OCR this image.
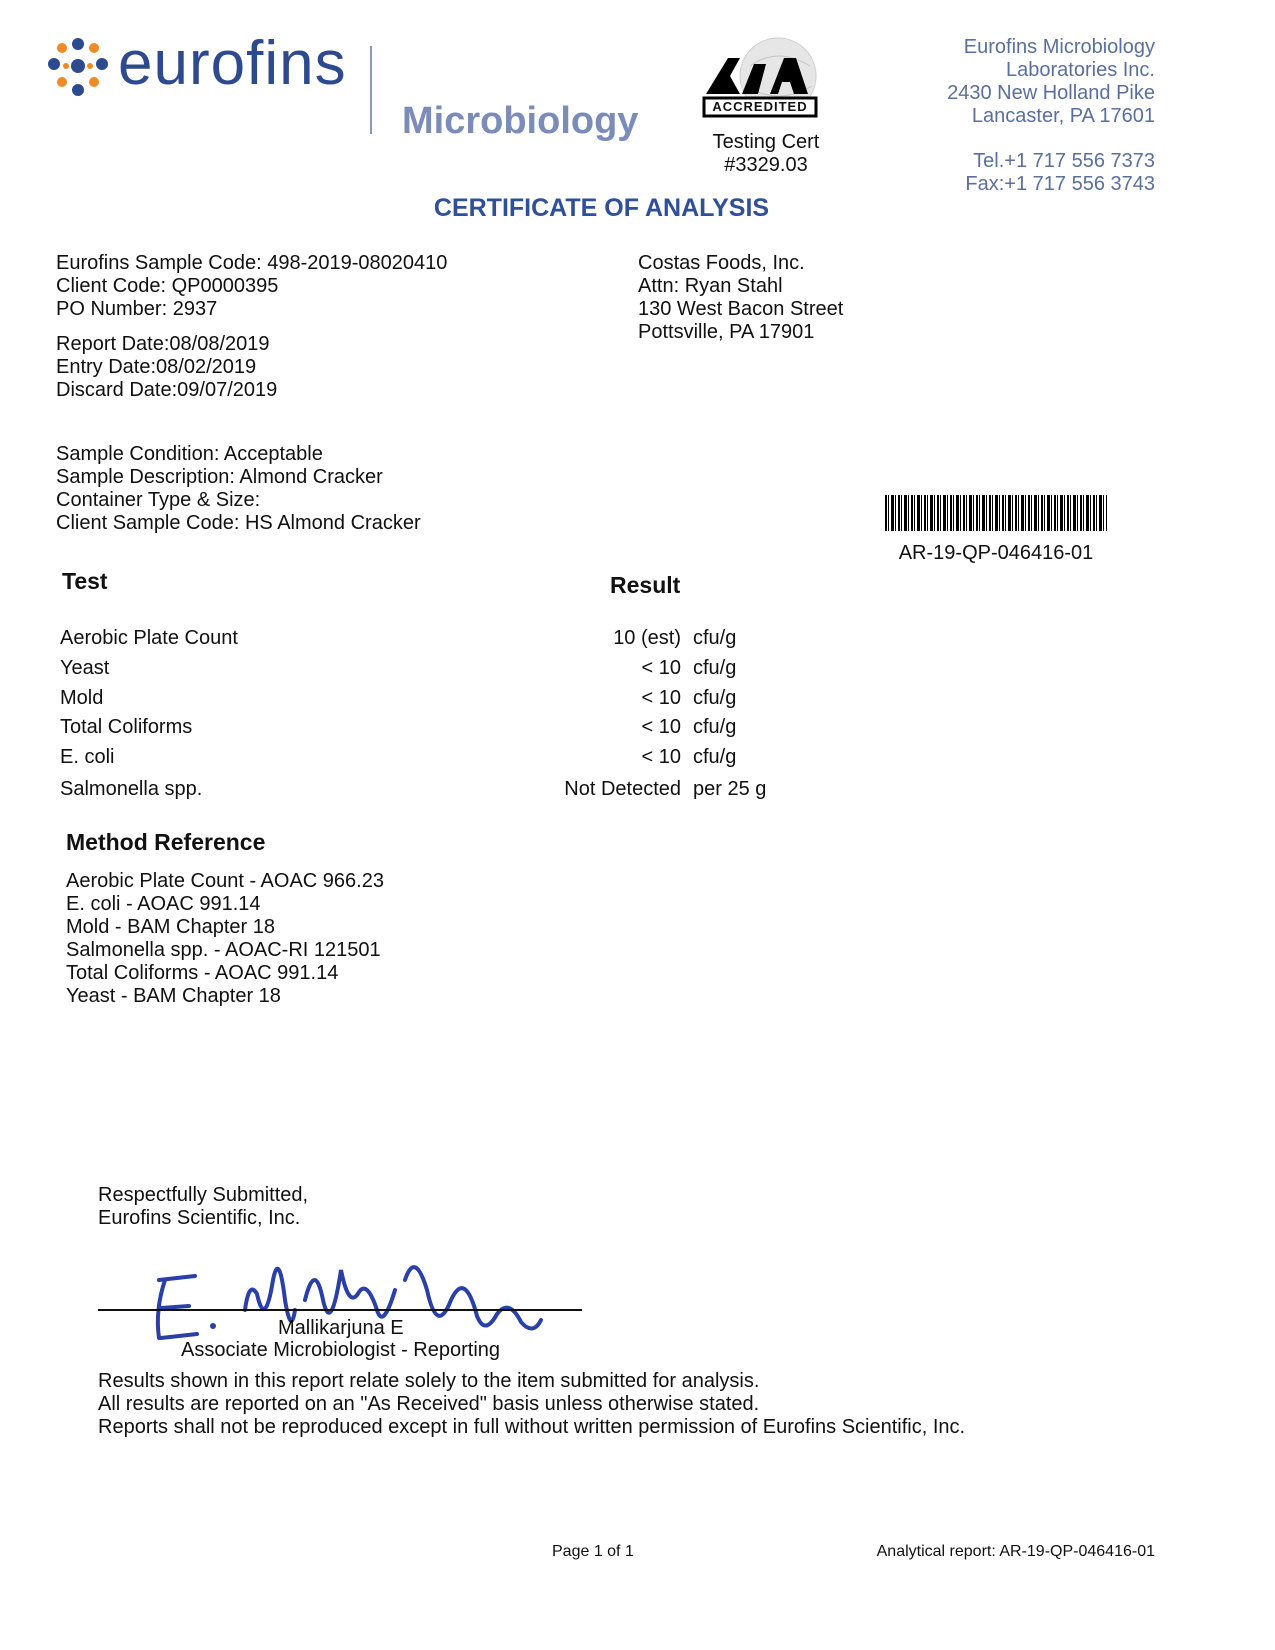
eurofins
Microbiology	ACCREDITED
Testing Cert
#3329.03
Eurofins Microbiology
Laboratories Inc.
2430 New Holland Pike
Lancaster, PA 17601
Tel.+1 717 556 7373
Fax:+1 717 556 3743
CERTIFICATE OF ANALYSIS
Eurofins Sample Code: 498-2019-08020410
Client Code: QP0000395
PO Number: 2937
Report Date:08/08/2019
Entry Date:08/02/2019
Discard Date:09/07/2019
Costas Foods, Inc.
Attn: Ryan Stahl
130 West Bacon Street
Pottsville, PA 17901
Sample Condition: Acceptable
Sample Description: Almond Cracker
Container Type & Size:
Client Sample Code: HS Almond Cracker
AR-19-QP-046416-01
Test	Result
Aerobic Plate Count	10 (est) cfu/g
Yeast	< 10 cfu/g
Mold	< 10 cfu/g
Total Coliforms	< 10 cfu/g
E. coli	< 10 cfu/g
Salmonella spp.	Not Detected per 25 g
Method Reference
Aerobic Plate Count - AOAC 966.23
E. coli - AOAC 991.14
Mold - BAM Chapter 18
Salmonella spp. - AOAC-RI 121501
Total Coliforms - AOAC 991.14
Yeast - BAM Chapter 18
Respectfully Submitted,
Eurofins Scientific, Inc.
Mallikarjuna E
Associate Microbiologist - Reporting
Results shown in this report relate solely to the item submitted for analysis.
All results are reported on an "As Received" basis unless otherwise stated.
Reports shall not be reproduced except in full without written permission of Eurofins Scientific, Inc.
Page 1 of 1	Analytical report: AR-19-QP-046416-01
